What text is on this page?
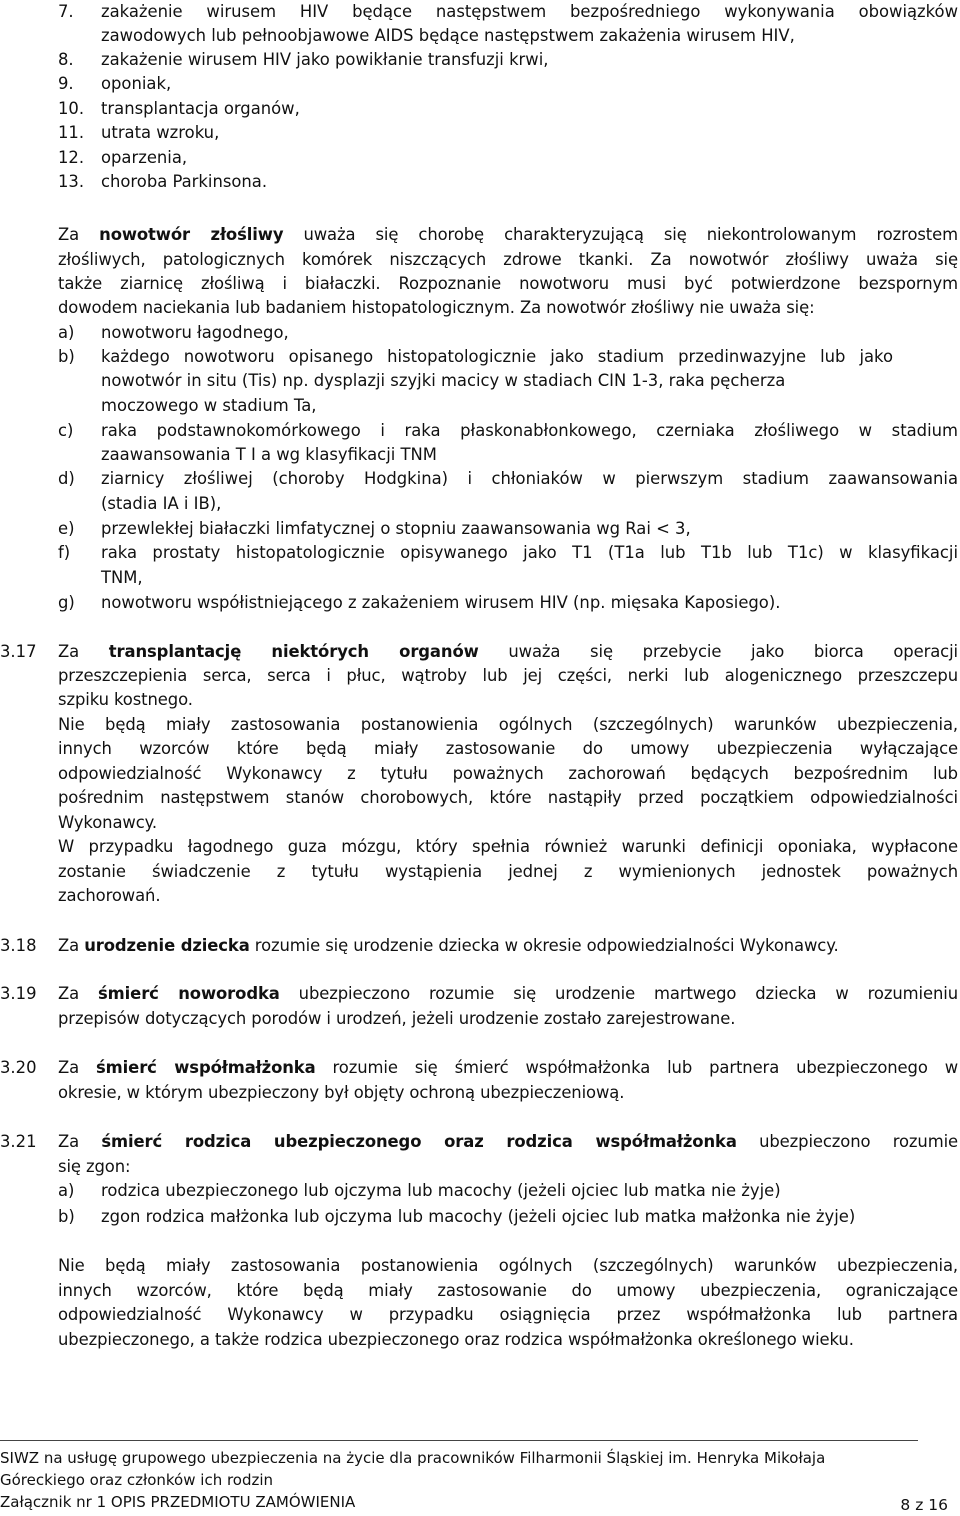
7. zakażenie wirusem HIV będące następstwem bezpośredniego wykonywania obowiązków
zawodowych lub pełnoobjawowe AIDS będące następstwem zakażenia wirusem HIV,
8. zakażenie wirusem HIV jako powikłanie transfuzji krwi,
9. oponiak,
10. transplantacja organów,
11. utrata wzroku,
12. oparzenia,
13. choroba Parkinsona.
Za nowotwór złośliwy uważa się chorobę charakteryzującą się niekontrolowanym rozrostem
złośliwych, patologicznych komórek niszczących zdrowe tkanki. Za nowotwór złośliwy uważa się
także ziarnicę złośliwą i białaczki. Rozpoznanie nowotworu musi być potwierdzone bezspornym
dowodem naciekania lub badaniem histopatologicznym. Za nowotwór złośliwy nie uważa się:
a) nowotworu łagodnego,
b) każdego nowotworu opisanego histopatologicznie jako stadium przedinwazyjne lub jako
nowotwór in situ (Tis) np. dysplazji szyjki macicy w stadiach CIN 1-3, raka pęcherza
moczowego w stadium Ta,
c) raka podstawnokomórkowego i raka płaskonabłonkowego, czerniaka złośliwego w stadium
zaawansowania T I a wg klasyfikacji TNM
d) ziarnicy złośliwej (choroby Hodgkina) i chłoniaków w pierwszym stadium zaawansowania
(stadia IA i IB),
e) przewlekłej białaczki limfatycznej o stopniu zaawansowania wg Rai < 3,
f) raka prostaty histopatologicznie opisywanego jako T1 (T1a lub T1b lub T1c) w klasyfikacji
TNM,
g) nowotworu współistniejącego z zakażeniem wirusem HIV (np. mięsaka Kaposiego).
3.17 Za transplantację niektórych organów uważa się przebycie jako biorca operacji
przeszczepienia serca, serca i płuc, wątroby lub jej części, nerki lub alogenicznego przeszczepu
szpiku kostnego.
Nie będą miały zastosowania postanowienia ogólnych (szczególnych) warunków ubezpieczenia,
innych wzorców które będą miały zastosowanie do umowy ubezpieczenia wyłączające
odpowiedzialność Wykonawcy z tytułu poważnych zachorowań będących bezpośrednim lub
pośrednim następstwem stanów chorobowych, które nastąpiły przed początkiem odpowiedzialności
Wykonawcy.
W przypadku łagodnego guza mózgu, który spełnia również warunki definicji oponiaka, wypłacone
zostanie świadczenie z tytułu wystąpienia jednej z wymienionych jednostek poważnych
zachorowań.
3.18 Za urodzenie dziecka rozumie się urodzenie dziecka w okresie odpowiedzialności Wykonawcy.
3.19 Za śmierć noworodka ubezpieczono rozumie się urodzenie martwego dziecka w rozumieniu
przepisów dotyczących porodów i urodzeń, jeżeli urodzenie zostało zarejestrowane.
3.20 Za śmierć współmałżonka rozumie się śmierć współmałżonka lub partnera ubezpieczonego w
okresie, w którym ubezpieczony był objęty ochroną ubezpieczeniową.
3.21 Za śmierć rodzica ubezpieczonego oraz rodzica współmałżonka ubezpieczono rozumie
się zgon:
a) rodzica ubezpieczonego lub ojczyma lub macochy (jeżeli ojciec lub matka nie żyje)
b) zgon rodzica małżonka lub ojczyma lub macochy (jeżeli ojciec lub matka małżonka nie żyje)
Nie będą miały zastosowania postanowienia ogólnych (szczególnych) warunków ubezpieczenia,
innych wzorców, które będą miały zastosowanie do umowy ubezpieczenia, ograniczające
odpowiedzialność Wykonawcy w przypadku osiągnięcia przez współmałżonka lub partnera
ubezpieczonego, a także rodzica ubezpieczonego oraz rodzica współmałżonka określonego wieku.
SIWZ na usługę grupowego ubezpieczenia na życie dla pracowników Filharmonii Śląskiej im. Henryka Mikołaja
Góreckiego oraz członków ich rodzin
Załącznik nr 1 OPIS PRZEDMIOTU ZAMÓWIENIA	8 z 16
